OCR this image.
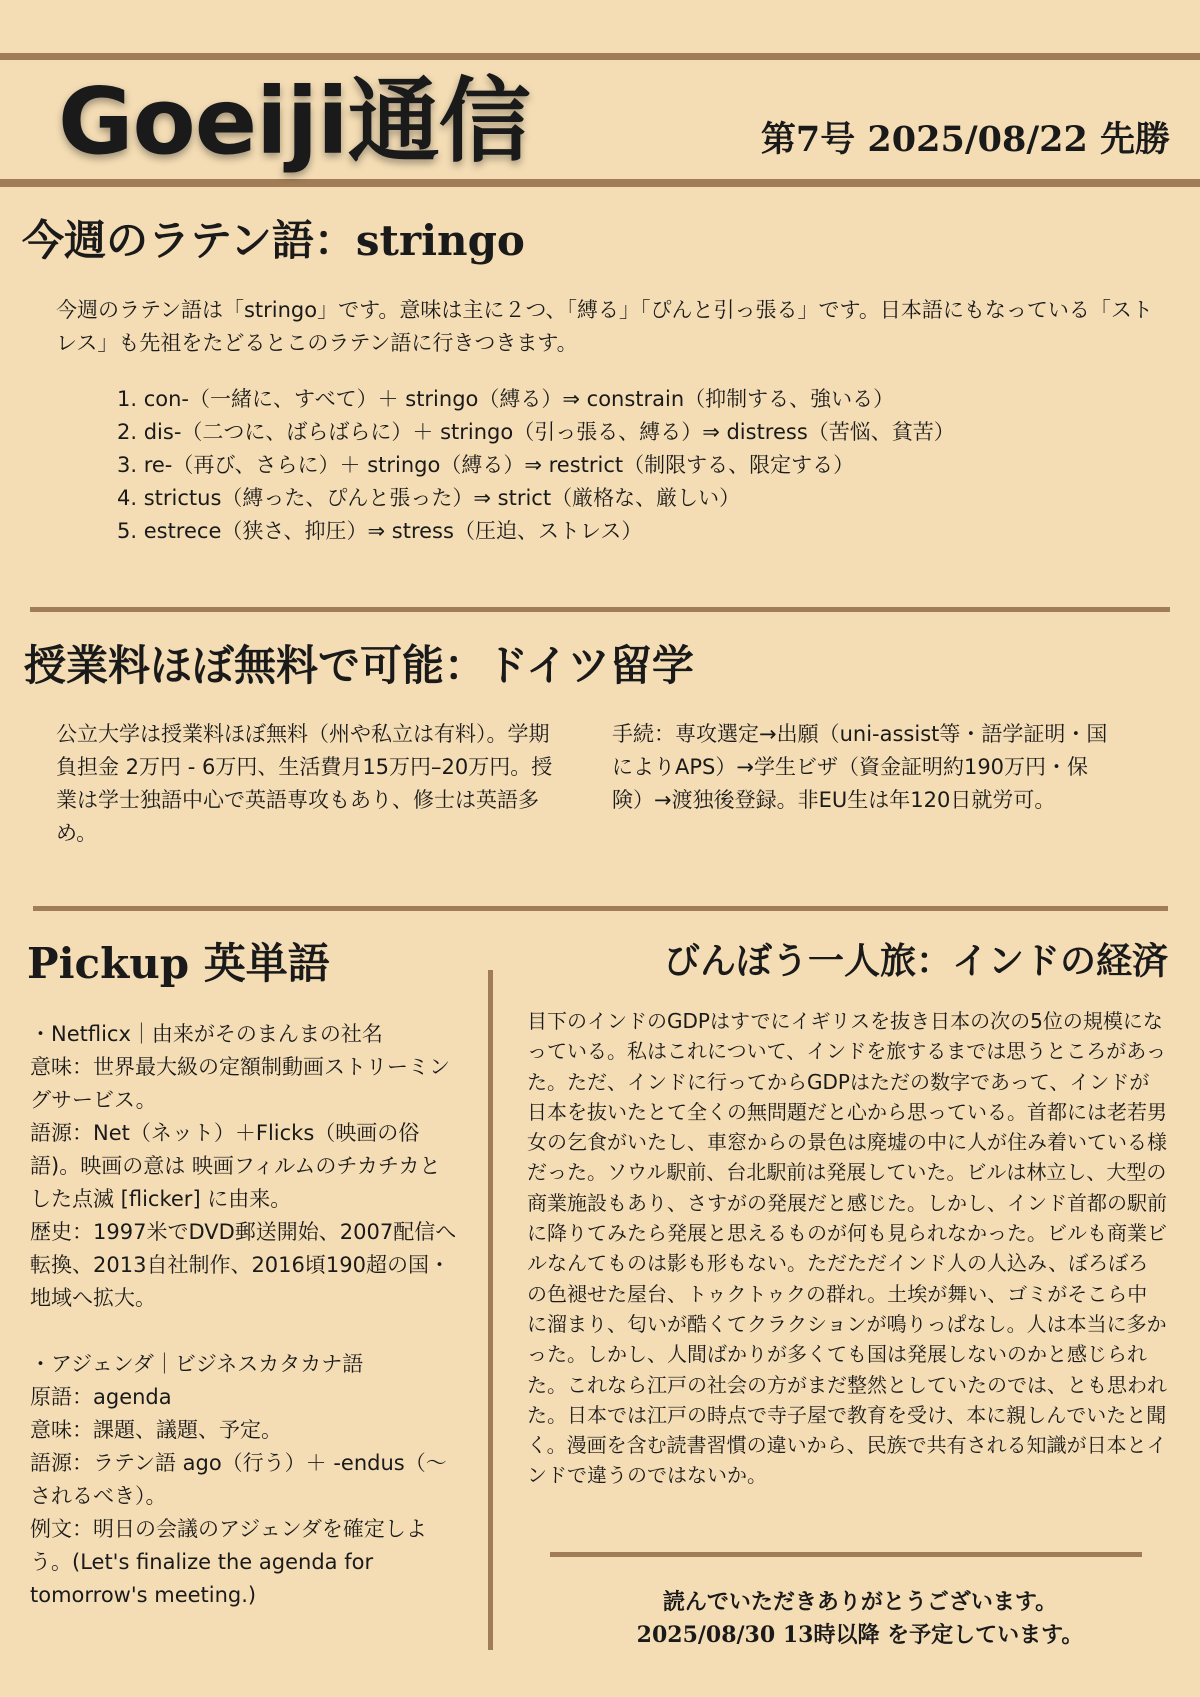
Goeiji通信	第7号 2025/08/22 先勝
今週のラテン語：stringo
今週のラテン語は「stringo」です。意味は主に２つ、「縛る」「ぴんと引っ張る」です。日本語にもなっている「ストレス」も先祖をたどるとこのラテン語に行きつきます。
1. con-（一緒に、すべて）＋ stringo（縛る）⇒ constrain（抑制する、強いる）
2. dis-（二つに、ばらばらに）＋ stringo（引っ張る、縛る）⇒ distress（苦悩、貧苦）
3. re-（再び、さらに）＋ stringo（縛る）⇒ restrict（制限する、限定する）
4. strictus（縛った、ぴんと張った）⇒ strict（厳格な、厳しい）
5. estrece（狭さ、抑圧）⇒ stress（圧迫、ストレス）
授業料ほぼ無料で可能：ドイツ留学
公立大学は授業料ほぼ無料（州や私立は有料）。学期負担金 2万円 - 6万円、生活費月15万円–20万円。授業は学士独語中心で英語専攻もあり、修士は英語多め。
手続：専攻選定→出願（uni-assist等・語学証明・国によりAPS）→学生ビザ（資金証明約190万円・保険）→渡独後登録。非EU生は年120日就労可。
Pickup 英単語
・Netflicx｜由来がそのまんまの社名
意味：世界最大級の定額制動画ストリーミングサービス。
語源：Net（ネット）＋Flicks（映画の俗語)。映画の意は 映画フィルムのチカチカとした点滅 [flicker] に由来。
歴史：1997米でDVD郵送開始、2007配信へ転換、2013自社制作、2016頃190超の国・地域へ拡大。
・アジェンダ｜ビジネスカタカナ語
原語：agenda
意味：課題、議題、予定。
語源：ラテン語 ago（行う）＋ -endus（～されるべき）。
例文：明日の会議のアジェンダを確定しよう。(Let's finalize the agenda for tomorrow's meeting.)
びんぼう一人旅：インドの経済
目下のインドのGDPはすでにイギリスを抜き日本の次の5位の規模になっている。私はこれについて、インドを旅するまでは思うところがあった。ただ、インドに行ってからGDPはただの数字であって、インドが日本を抜いたとて全くの無問題だと心から思っている。首都には老若男女の乞食がいたし、車窓からの景色は廃墟の中に人が住み着いている様だった。ソウル駅前、台北駅前は発展していた。ビルは林立し、大型の商業施設もあり、さすがの発展だと感じた。しかし、インド首都の駅前に降りてみたら発展と思えるものが何も見られなかった。ビルも商業ビルなんてものは影も形もない。ただただインド人の人込み、ぼろぼろの色褪せた屋台、トゥクトゥクの群れ。土埃が舞い、ゴミがそこら中に溜まり、匂いが酷くてクラクションが鳴りっぱなし。人は本当に多かった。しかし、人間ばかりが多くても国は発展しないのかと感じられた。これなら江戸の社会の方がまだ整然としていたのでは、とも思われた。日本では江戸の時点で寺子屋で教育を受け、本に親しんでいたと聞く。漫画を含む読書習慣の違いから、民族で共有される知識が日本とインドで違うのではないか。
読んでいただきありがとうございます。
2025/08/30 13時以降 を予定しています。
